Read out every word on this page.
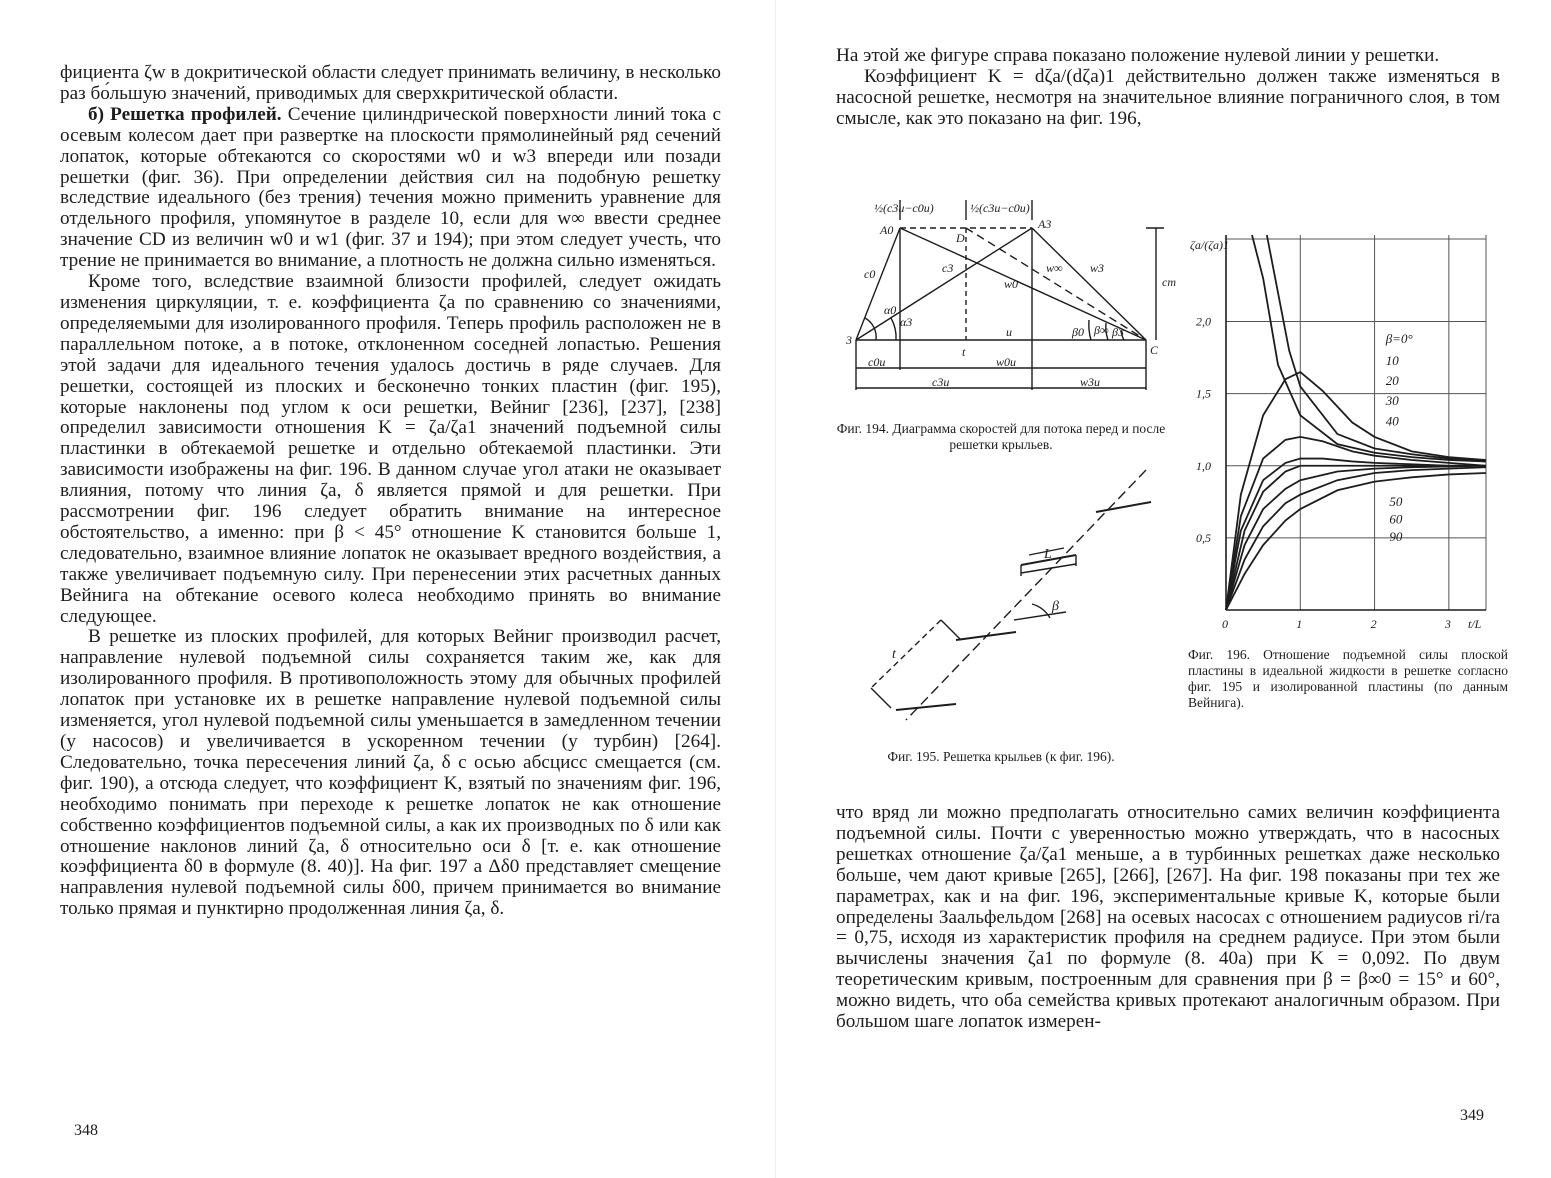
фициента ζw в докритической области следует принимать величину, в несколько раз бо́льшую значений, приводимых для сверхкритической области.

б) Решетка профилей. Сечение цилиндрической поверхности линий тока с осевым колесом дает при развертке на плоскости прямолинейный ряд сечений лопаток, которые обтекаются со скоростями w0 и w3 впереди или позади решетки (фиг. 36). При определении действия сил на подобную решетку вследствие идеального (без трения) течения можно применить уравнение для отдельного профиля, упомянутое в разделе 10, если для w∞ ввести среднее значение CD из величин w0 и w1 (фиг. 37 и 194); при этом следует учесть, что трение не принимается во внимание, а плотность не должна сильно изменяться.

Кроме того, вследствие взаимной близости профилей, следует ожидать изменения циркуляции, т. е. коэффициента ζa по сравнению со значениями, определяемыми для изолированного профиля. Теперь профиль расположен не в параллельном потоке, а в потоке, отклоненном соседней лопастью. Решения этой задачи для идеального течения удалось достичь в ряде случаев. Для решетки, состоящей из плоских и бесконечно тонких пластин (фиг. 195), которые наклонены под углом к оси решетки, Вейниг [236], [237], [238] определил зависимости отношения K = ζa/ζa1 значений подъемной силы пластинки в обтекаемой решетке и отдельно обтекаемой пластинки. Эти зависимости изображены на фиг. 196. В данном случае угол атаки не оказывает влияния, потому что линия ζa, δ является прямой и для решетки. При рассмотрении фиг. 196 следует обратить внимание на интересное обстоятельство, а именно: при β < 45° отношение K становится больше 1, следовательно, взаимное влияние лопаток не оказывает вредного воздействия, а также увеличивает подъемную силу. При перенесении этих расчетных данных Вейнига на обтекание осевого колеса необходимо принять во внимание следующее.

В решетке из плоских профилей, для которых Вейниг производил расчет, направление нулевой подъемной силы сохраняется таким же, как для изолированного профиля. В противоположность этому для обычных профилей лопаток при установке их в решетке направление нулевой подъемной силы изменяется, угол нулевой подъемной силы уменьшается в замедленном течении (у насосов) и увеличивается в ускоренном течении (у турбин) [264]. Следовательно, точка пересечения линий ζa, δ с осью абсцисс смещается (см. фиг. 190), а отсюда следует, что коэффициент K, взятый по значениям фиг. 196, необходимо понимать при переходе к решетке лопаток не как отношение собственно коэффициентов подъемной силы, а как их производных по δ или как отношение наклонов линий ζa, δ относительно оси δ [т. е. как отношение коэффициента δ0 в формуле (8. 40)]. На фиг. 197 а Δδ0 представляет смещение направления нулевой подъемной силы δ00, причем принимается во внимание только прямая и пунктирно продолженная линия ζa, δ.

348

На этой же фигуре справа показано положение нулевой линии у решетки.

Коэффициент K = dζa/(dζa)1 действительно должен также изменяться в насосной решетке, несмотря на значительное влияние пограничного слоя, в том смысле, как это показано на фиг. 196,

½(c3u−c0u)	½(c3u−c0u)
A0
D
A3
c0	c3	w∞
w0
w3
cm
α0
α3
u	β0 β∞ β3
3
t	C
c0u	w0u
c3u	w3u
Фиг. 194. Диаграмма скоростей для потока перед и после решетки крыльев.
L
β
t
Фиг. 195. Решетка крыльев (к фиг. 196).
0	1	2	3
0,5
1,0
1,5
2,0
t/L
ζa/(ζa)1
β=0°
10
20
30
40
50
60
90
Фиг. 196. Отношение подъемной силы плоской пластины в идеальной жидкости в решетке согласно фиг. 195 и изолированной пластины (по данным Вейнига).

что вряд ли можно предполагать относительно самих величин коэффициента подъемной силы. Почти с уверенностью можно утверждать, что в насосных решетках отношение ζa/ζa1 меньше, а в турбинных решетках даже несколько больше, чем дают кривые [265], [266], [267]. На фиг. 198 показаны при тех же параметрах, как и на фиг. 196, экспериментальные кривые K, которые были определены Заальфельдом [268] на осевых насосах с отношением радиусов ri/ra = 0,75, исходя из характеристик профиля на среднем радиусе. При этом были вычислены значения ζa1 по формуле (8. 40a) при K = 0,092. По двум теоретическим кривым, построенным для сравнения при β = β∞0 = 15° и 60°, можно видеть, что оба семейства кривых протекают аналогичным образом. При большом шаге лопаток измерен-

349
